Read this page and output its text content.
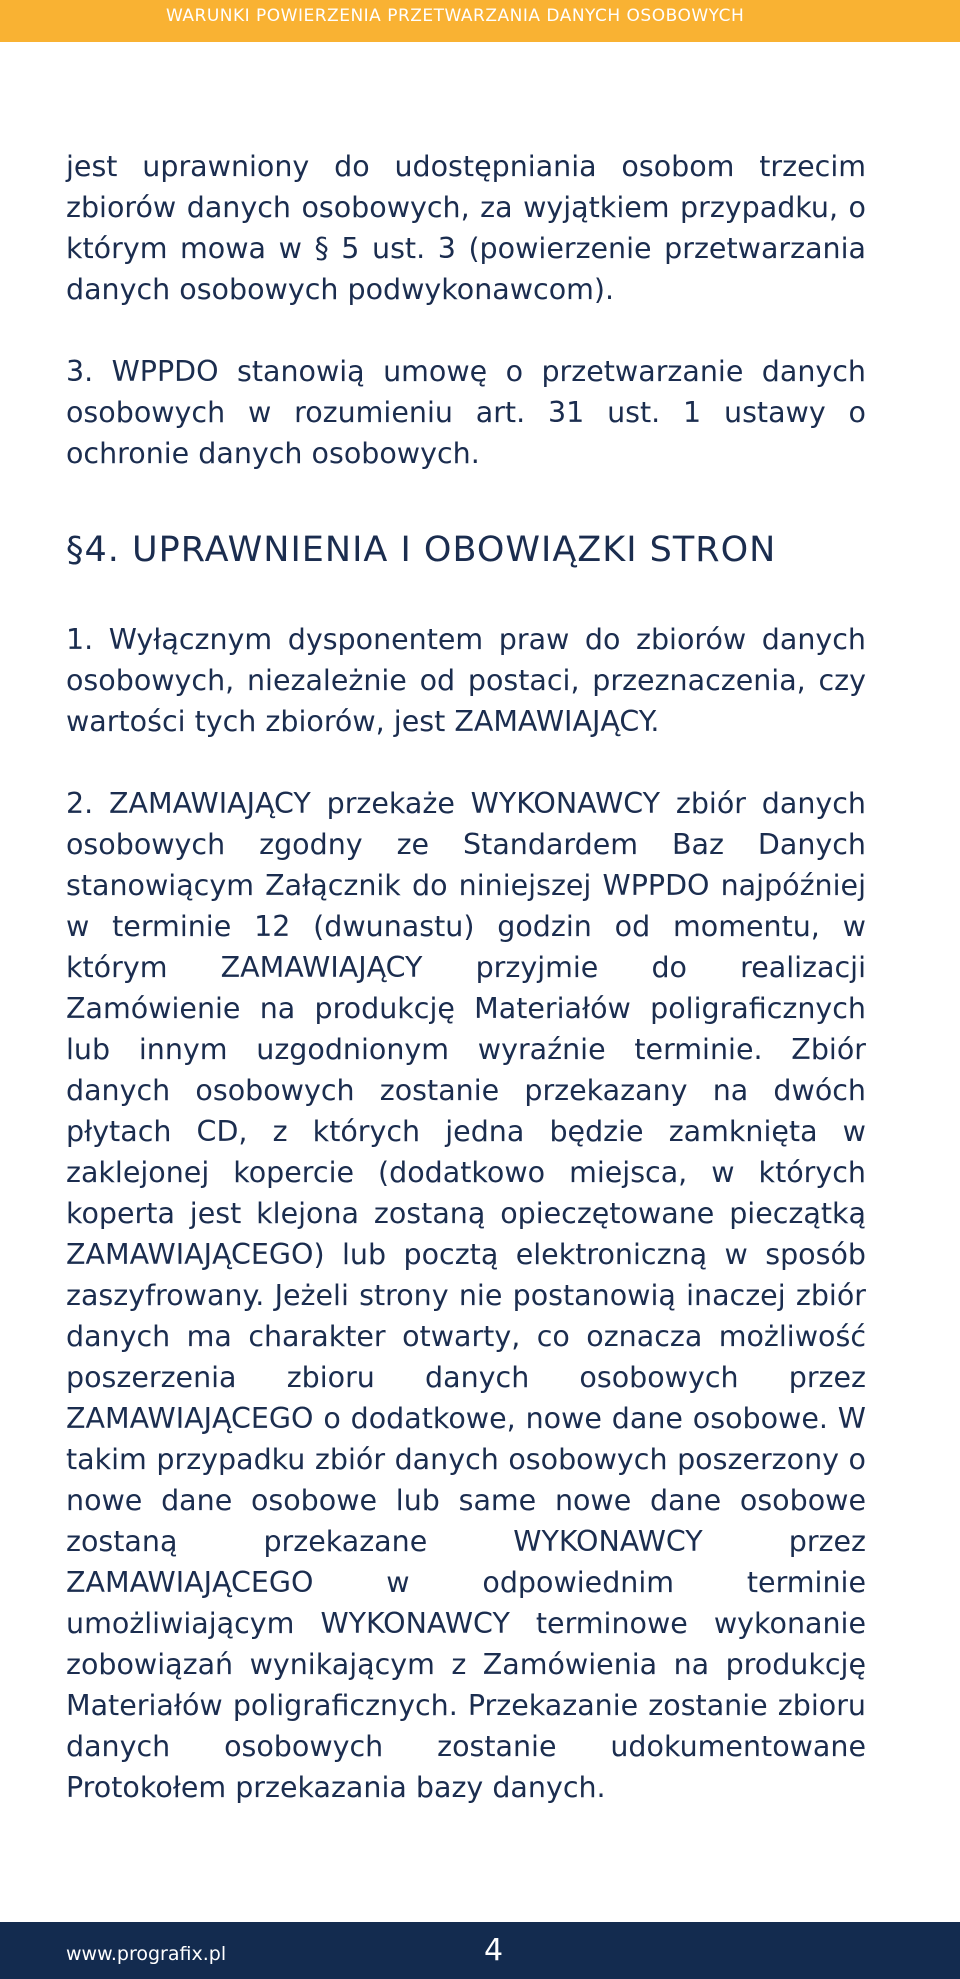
WARUNKI POWIERZENIA PRZETWARZANIA DANYCH OSOBOWYCH

jest uprawniony do udostępniania osobom trzecim zbiorów danych osobowych, za wyjątkiem przypadku, o którym mowa w § 5 ust. 3 (powierzenie przetwarzania danych osobowych podwykonawcom).

3. WPPDO stanowią umowę o przetwarzanie danych osobowych w rozumieniu art. 31 ust. 1 ustawy o ochronie danych osobowych.

§4. UPRAWNIENIA I OBOWIĄZKI STRON

1. Wyłącznym dysponentem praw do zbiorów danych osobowych, niezależnie od postaci, przeznaczenia, czy wartości tych zbiorów, jest ZAMAWIAJĄCY.

2. ZAMAWIAJĄCY przekaże WYKONAWCY zbiór danych osobowych zgodny ze Standardem Baz Danych stanowiącym Załącznik do niniejszej WPPDO najpóźniej w terminie 12 (dwunastu) godzin od momentu, w którym ZAMAWIAJĄCY przyjmie do realizacji Zamówienie na produkcję Materiałów poligraficznych lub innym uzgodnionym wyraźnie terminie. Zbiór danych osobowych zostanie przekazany na dwóch płytach CD, z których jedna będzie zamknięta w zaklejonej kopercie (dodatkowo miejsca, w których koperta jest klejona zostaną opieczętowane pieczątką ZAMAWIAJĄCEGO) lub pocztą elektroniczną w sposób zaszyfrowany. Jeżeli strony nie postanowią inaczej zbiór danych ma charakter otwarty, co oznacza możliwość poszerzenia zbioru danych osobowych przez ZAMAWIAJĄCEGO o dodatkowe, nowe dane osobowe. W takim przypadku zbiór danych osobowych poszerzony o nowe dane osobowe lub same nowe dane osobowe zostaną przekazane WYKONAWCY przez ZAMAWIAJĄCEGO w odpowiednim terminie umożliwiającym WYKONAWCY terminowe wykonanie zobowiązań wynikającym z Zamówienia na produkcję Materiałów poligraficznych. Przekazanie zostanie zbioru danych osobowych zostanie udokumentowane Protokołem przekazania bazy danych.

www.prografix.pl	4
